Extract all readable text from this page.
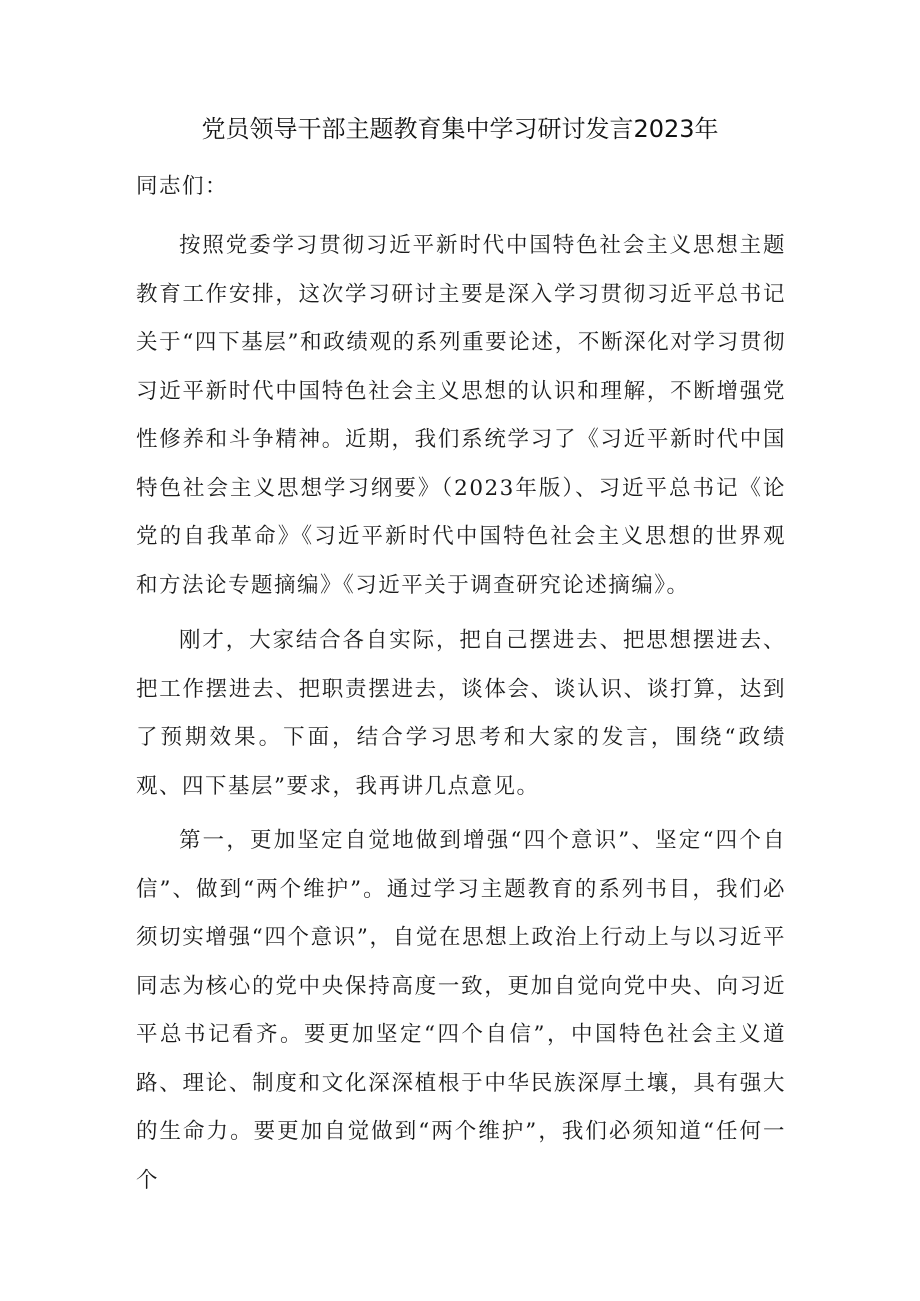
党员领导干部主题教育集中学习研讨发言2023年
同志们：

按照党委学习贯彻习近平新时代中国特色社会主义思想主题教育工作安排，这次学习研讨主要是深入学习贯彻习近平总书记关于“四下基层”和政绩观的系列重要论述，不断深化对学习贯彻习近平新时代中国特色社会主义思想的认识和理解，不断增强党性修养和斗争精神。近期，我们系统学习了《习近平新时代中国特色社会主义思想学习纲要》（2023年版）、习近平总书记《论党的自我革命》《习近平新时代中国特色社会主义思想的世界观和方法论专题摘编》《习近平关于调查研究论述摘编》。

刚才，大家结合各自实际，把自己摆进去、把思想摆进去、把工作摆进去、把职责摆进去，谈体会、谈认识、谈打算，达到了预期效果。下面，结合学习思考和大家的发言，围绕“政绩观、四下基层”要求，我再讲几点意见。

第一，更加坚定自觉地做到增强“四个意识”、坚定“四个自信”、做到“两个维护”。通过学习主题教育的系列书目，我们必须切实增强“四个意识”，自觉在思想上政治上行动上与以习近平同志为核心的党中央保持高度一致，更加自觉向党中央、向习近平总书记看齐。要更加坚定“四个自信”，中国特色社会主义道路、理论、制度和文化深深植根于中华民族深厚土壤，具有强大的生命力。要更加自觉做到“两个维护”，我们必须知道“任何一个
